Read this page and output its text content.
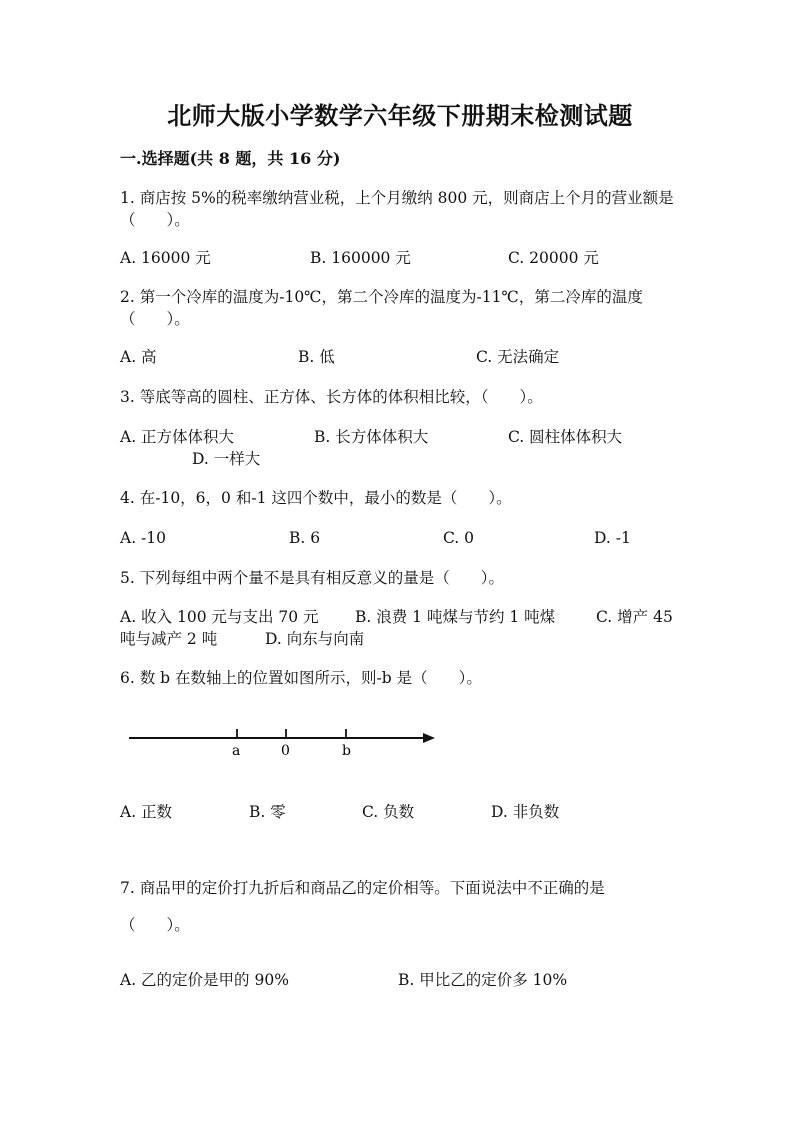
北师大版小学数学六年级下册期末检测试题
一.选择题(共 8 题，共 16 分)
1. 商店按 5%的税率缴纳营业税，上个月缴纳 800 元，则商店上个月的营业额是（　　）。
A. 16000 元	B. 160000 元	C. 20000 元
2. 第一个冷库的温度为-10℃，第二个冷库的温度为-11℃，第二冷库的温度（　　）。
A. 高	B. 低	C. 无法确定
3. 等底等高的圆柱、正方体、长方体的体积相比较，（　　）。
A. 正方体体积大	B. 长方体体积大	C. 圆柱体体积大
D. 一样大
4. 在-10，6，0 和-1 这四个数中，最小的数是（　　）。
A. -10	B. 6	C. 0	D. -1
5. 下列每组中两个量不是具有相反意义的量是（　　）。
A. 收入 100 元与支出 70 元 B. 浪费 1 吨煤与节约 1 吨煤	C. 增产 45
吨与减产 2 吨	D. 向东与向南
6. 数 b 在数轴上的位置如图所示，则-b 是（　　）。
a	0	b
A. 正数	B. 零	C. 负数	D. 非负数
7. 商品甲的定价打九折后和商品乙的定价相等。下面说法中不正确的是
（　　）。
A. 乙的定价是甲的 90%	B. 甲比乙的定价多 10%
